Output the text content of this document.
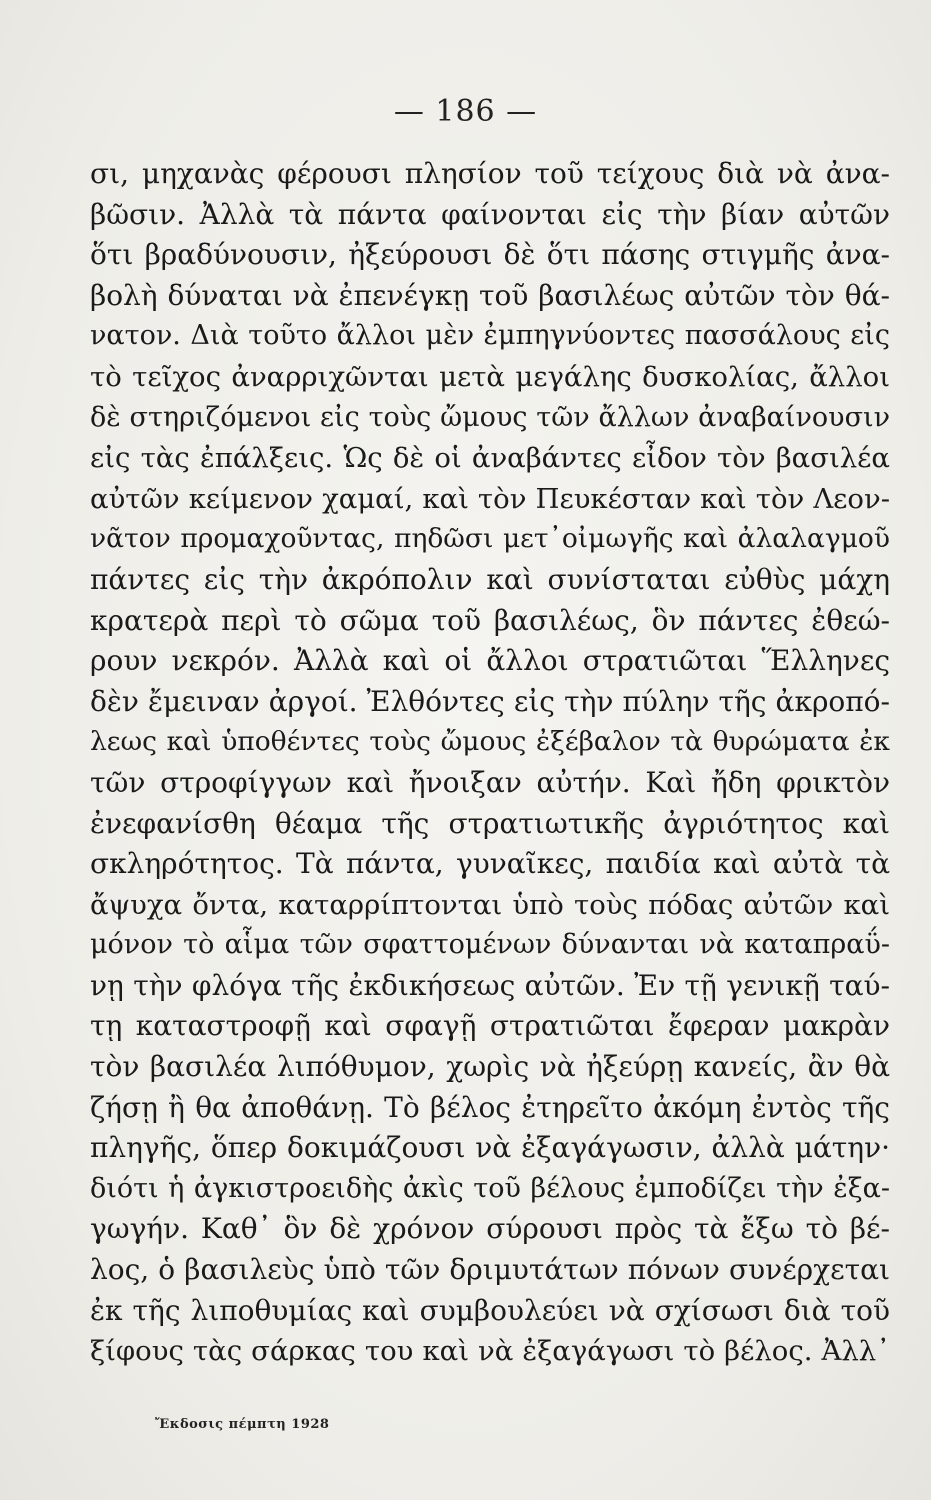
— 186 —
σι, μηχανὰς φέρουσι πλησίον τοῦ τείχους διὰ νὰ ἀνα-
βῶσιν. Ἀλλὰ τὰ πάντα φαίνονται εἰς τὴν βίαν αὐτῶν
ὅτι βραδύνουσιν, ἠξεύρουσι δὲ ὅτι πάσης στιγμῆς ἀνα-
βολὴ δύναται νὰ ἐπενέγκῃ τοῦ βασιλέως αὐτῶν τὸν θά-
νατον. Διὰ τοῦτο ἄλλοι μὲν ἐμπηγνύοντες πασσάλους εἰς
τὸ τεῖχος ἀναρριχῶνται μετὰ μεγάλης δυσκολίας, ἄλλοι
δὲ στηριζόμενοι εἰς τοὺς ὤμους τῶν ἄλλων ἀναβαίνουσιν
εἰς τὰς ἐπάλξεις. Ὡς δὲ οἱ ἀναβάντες εἶδον τὸν βασιλέα
αὐτῶν κείμενον χαμαί, καὶ τὸν Πευκέσταν καὶ τὸν Λεον-
νᾶτον προμαχοῦντας, πηδῶσι μετ᾽οἰμωγῆς καὶ ἀλαλαγμοῦ
πάντες εἰς τὴν ἀκρόπολιν καὶ συνίσταται εὐθὺς μάχη
κρατερὰ περὶ τὸ σῶμα τοῦ βασιλέως, ὃν πάντες ἐθεώ-
ρουν νεκρόν. Ἀλλὰ καὶ οἱ ἄλλοι στρατιῶται Ἕλληνες
δὲν ἔμειναν ἀργοί. Ἐλθόντες εἰς τὴν πύλην τῆς ἀκροπό-
λεως καὶ ὑποθέντες τοὺς ὤμους ἐξέβαλον τὰ θυρώματα ἐκ
τῶν στροφίγγων καὶ ἤνοιξαν αὐτήν. Καὶ ἤδη φρικτὸν
ἐνεφανίσθη θέαμα τῆς στρατιωτικῆς ἀγριότητος καὶ
σκληρότητος. Τὰ πάντα, γυναῖκες, παιδία καὶ αὐτὰ τὰ
ἄψυχα ὄντα, καταρρίπτονται ὑπὸ τοὺς πόδας αὐτῶν καὶ
μόνον τὸ αἷμα τῶν σφαττομένων δύνανται νὰ καταπραΰ-
νῃ τὴν φλόγα τῆς ἐκδικήσεως αὐτῶν. Ἐν τῇ γενικῇ ταύ-
τῃ καταστροφῇ καὶ σφαγῇ στρατιῶται ἔφεραν μακρὰν
τὸν βασιλέα λιπόθυμον, χωρὶς νὰ ἠξεύρῃ κανείς, ἂν θὰ
ζήσῃ ἢ θα ἀποθάνῃ. Τὸ βέλος ἐτηρεῖτο ἀκόμη ἐντὸς τῆς
πληγῆς, ὅπερ δοκιμάζουσι νὰ ἐξαγάγωσιν, ἀλλὰ μάτην·
διότι ἡ ἀγκιστροειδὴς ἀκὶς τοῦ βέλους ἐμποδίζει τὴν ἐξα-
γωγήν. Καθ᾽ ὃν δὲ χρόνον σύρουσι πρὸς τὰ ἔξω τὸ βέ-
λος, ὁ βασιλεὺς ὑπὸ τῶν δριμυτάτων πόνων συνέρχεται
ἐκ τῆς λιποθυμίας καὶ συμβουλεύει νὰ σχίσωσι διὰ τοῦ
ξίφους τὰς σάρκας του καὶ νὰ ἐξαγάγωσι τὸ βέλος. Ἀλλ᾽
Ἔκδοσις πέμπτη 1928
